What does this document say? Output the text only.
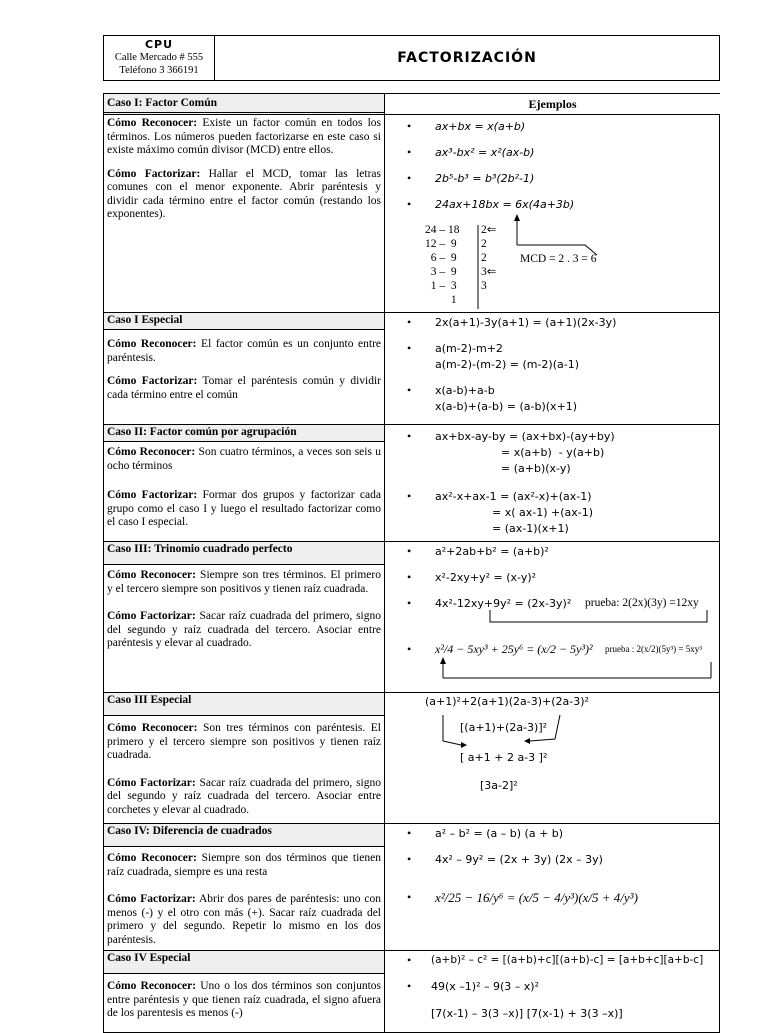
CPU
Calle Mercado # 555
Teléfono 3 366191
FACTORIZACIÓN
Ejemplos
Caso I: Factor Común

Cómo Reconocer: Existe un factor común en todos los términos. Los números pueden factorizarse en este caso si existe máximo común divisor (MCD) entre ellos.

Cómo Factorizar: Hallar el MCD, tomar las letras comunes con el menor exponente. Abrir paréntesis y dividir cada término entre el factor común (restando los exponentes).

• ax+bx = x(a+b)
• ax³-bx² = x²(ax-b)
• 2b⁵-b³ = b³(2b²-1)
• 24ax+18bx = 6x(4a+3b)
24 – 18
12 –  9
6 –  9
3 –  9
1 –  3
1
2⇐
2
2
3⇐
3
MCD = 2 . 3 = 6
Caso I Especial

Cómo Reconocer: El factor común es un conjunto entre paréntesis.

Cómo Factorizar: Tomar el paréntesis común y dividir cada término entre el común

• 2x(a+1)-3y(a+1) = (a+1)(2x-3y)
• a(m-2)-m+2
a(m-2)-(m-2) = (m-2)(a-1)
• x(a-b)+a-b
x(a-b)+(a-b) = (a-b)(x+1)
Caso II: Factor común por agrupación

Cómo Reconocer: Son cuatro términos, a veces son seis u ocho términos

Cómo Factorizar: Formar dos grupos y factorizar cada grupo como el caso I y luego el resultado factorizar como el caso I especial.

• ax+bx-ay-by = (ax+bx)-(ay+by)
= x(a+b)  - y(a+b)
= (a+b)(x-y)
• ax²-x+ax-1 = (ax²-x)+(ax-1)
= x( ax-1) +(ax-1)
= (ax-1)(x+1)
Caso III: Trinomio cuadrado perfecto

Cómo Reconocer: Siempre son tres términos. El primero y el tercero siempre son positivos y tienen raíz cuadrada.

Cómo Factorizar: Sacar raíz cuadrada del primero, signo del segundo y raíz cuadrada del tercero. Asociar entre paréntesis y elevar al cuadrado.

• a²+2ab+b² = (a+b)²
• x²-2xy+y² = (x-y)²
• 4x²-12xy+9y² = (2x-3y)² prueba: 2(2x)(3y) =12xy
• x²/4 − 5xy³ + 25y⁶ = (x/2 − 5y³)² prueba : 2(x/2)(5y³) = 5xy³
Caso III Especial

Cómo Reconocer: Son tres términos con paréntesis. El primero y el tercero siempre son positivos y tienen raíz cuadrada.

Cómo Factorizar: Sacar raíz cuadrada del primero, signo del segundo y raíz cuadrada del tercero. Asociar entre corchetes y elevar al cuadrado.

(a+1)²+2(a+1)(2a-3)+(2a-3)²
[(a+1)+(2a-3)]²
[ a+1 + 2 a-3 ]²
[3a-2]²
Caso IV: Diferencia de cuadrados

Cómo Reconocer: Siempre son dos términos que tienen raíz cuadrada, siempre es una resta

Cómo Factorizar: Abrir dos pares de paréntesis: uno con menos (-) y el otro con más (+). Sacar raíz cuadrada del primero y del segundo. Repetir lo mismo en los dos paréntesis.

• a² – b² = (a – b) (a + b)
• 4x² – 9y² = (2x + 3y) (2x – 3y)
• x²/25 − 16/y⁶ = (x/5 − 4/y³)(x/5 + 4/y³)
Caso IV Especial

Cómo Reconocer: Uno o los dos términos son conjuntos entre paréntesis y que tienen raíz cuadrada, el signo afuera de los parentesis es menos (-)

• (a+b)² – c² = [(a+b)+c][(a+b)-c] = [a+b+c][a+b-c]
• 49(x –1)² – 9(3 – x)²
[7(x-1) – 3(3 –x)] [7(x-1) + 3(3 –x)]
